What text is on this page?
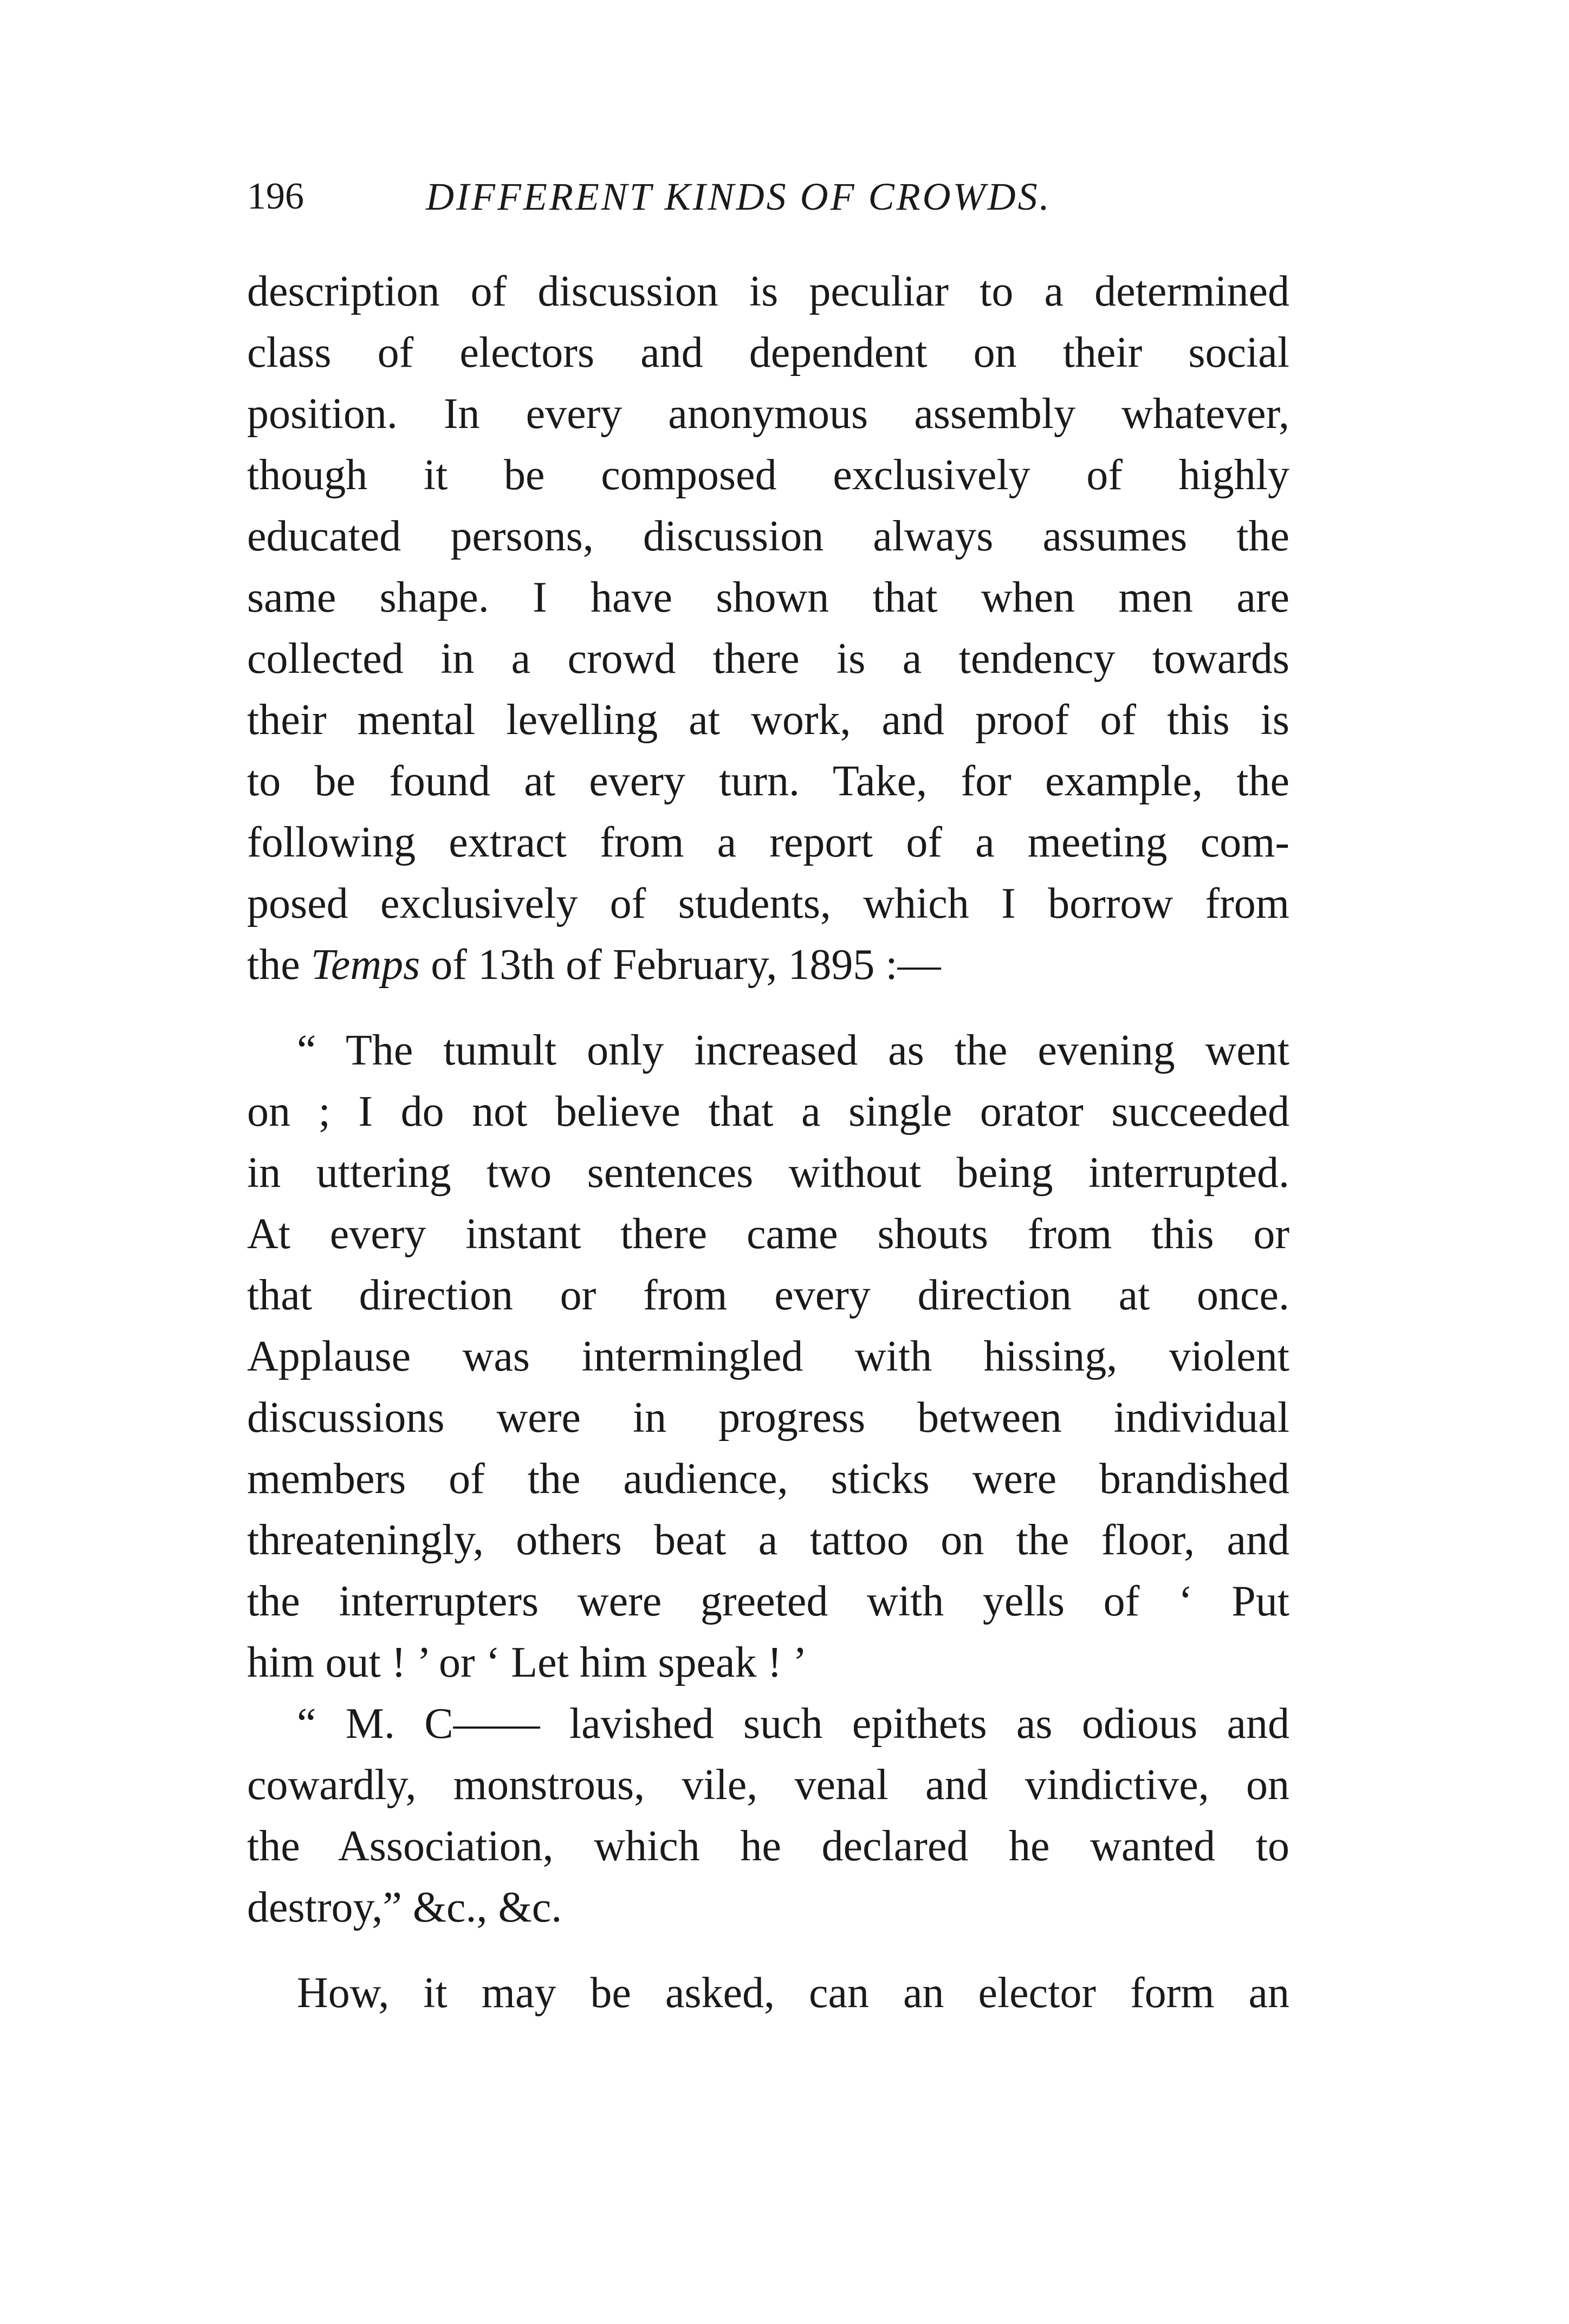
196	DIFFERENT KINDS OF CROWDS.
description of discussion is peculiar to a determined
class of electors and dependent on their social
position. In every anonymous assembly whatever,
though it be composed exclusively of highly
educated persons, discussion always assumes the
same shape. I have shown that when men are
collected in a crowd there is a tendency towards
their mental levelling at work, and proof of this is
to be found at every turn. Take, for example, the
following extract from a report of a meeting com-
posed exclusively of students, which I borrow from
the Temps of 13th of February, 1895 :—
“ The tumult only increased as the evening went
on ; I do not believe that a single orator succeeded
in uttering two sentences without being interrupted.
At every instant there came shouts from this or
that direction or from every direction at once.
Applause was intermingled with hissing, violent
discussions were in progress between individual
members of the audience, sticks were brandished
threateningly, others beat a tattoo on the floor, and
the interrupters were greeted with yells of ‘ Put
him out ! ’ or ‘ Let him speak ! ’
“ M. C—— lavished such epithets as odious and
cowardly, monstrous, vile, venal and vindictive, on
the Association, which he declared he wanted to
destroy,” &c., &c.
How, it may be asked, can an elector form an
